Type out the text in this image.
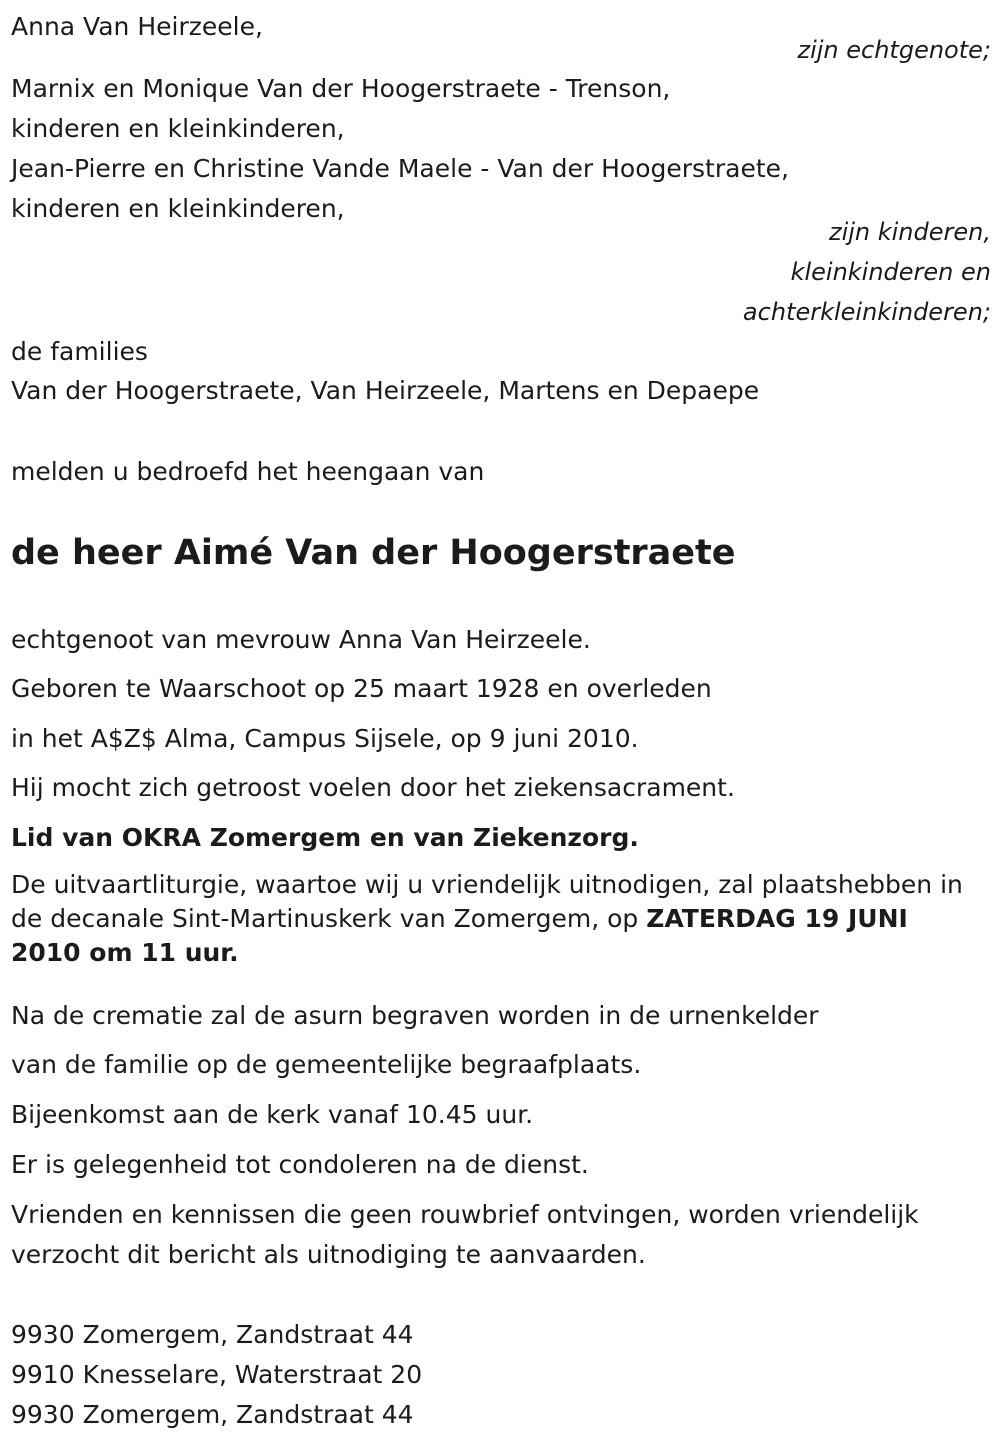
Anna Van Heirzeele,
zijn echtgenote;
Marnix en Monique Van der Hoogerstraete - Trenson,
kinderen en kleinkinderen,
Jean-Pierre en Christine Vande Maele - Van der Hoogerstraete,
kinderen en kleinkinderen,
zijn kinderen,
kleinkinderen en
achterkleinkinderen;
de families
Van der Hoogerstraete, Van Heirzeele, Martens en Depaepe
melden u bedroefd het heengaan van
de heer Aimé Van der Hoogerstraete
echtgenoot van mevrouw Anna Van Heirzeele.
Geboren te Waarschoot op 25 maart 1928 en overleden
in het A$Z$ Alma, Campus Sijsele, op 9 juni 2010.
Hij mocht zich getroost voelen door het ziekensacrament.
Lid van OKRA Zomergem en van Ziekenzorg.
De uitvaartliturgie, waartoe wij u vriendelijk uitnodigen, zal plaatshebben in de decanale Sint-Martinuskerk van Zomergem, op ZATERDAG 19 JUNI 2010 om 11 uur.
Na de crematie zal de asurn begraven worden in de urnenkelder
van de familie op de gemeentelijke begraafplaats.
Bijeenkomst aan de kerk vanaf 10.45 uur.
Er is gelegenheid tot condoleren na de dienst.
Vrienden en kennissen die geen rouwbrief ontvingen, worden vriendelijk verzocht dit bericht als uitnodiging te aanvaarden.
9930 Zomergem, Zandstraat 44
9910 Knesselare, Waterstraat 20
9930 Zomergem, Zandstraat 44
